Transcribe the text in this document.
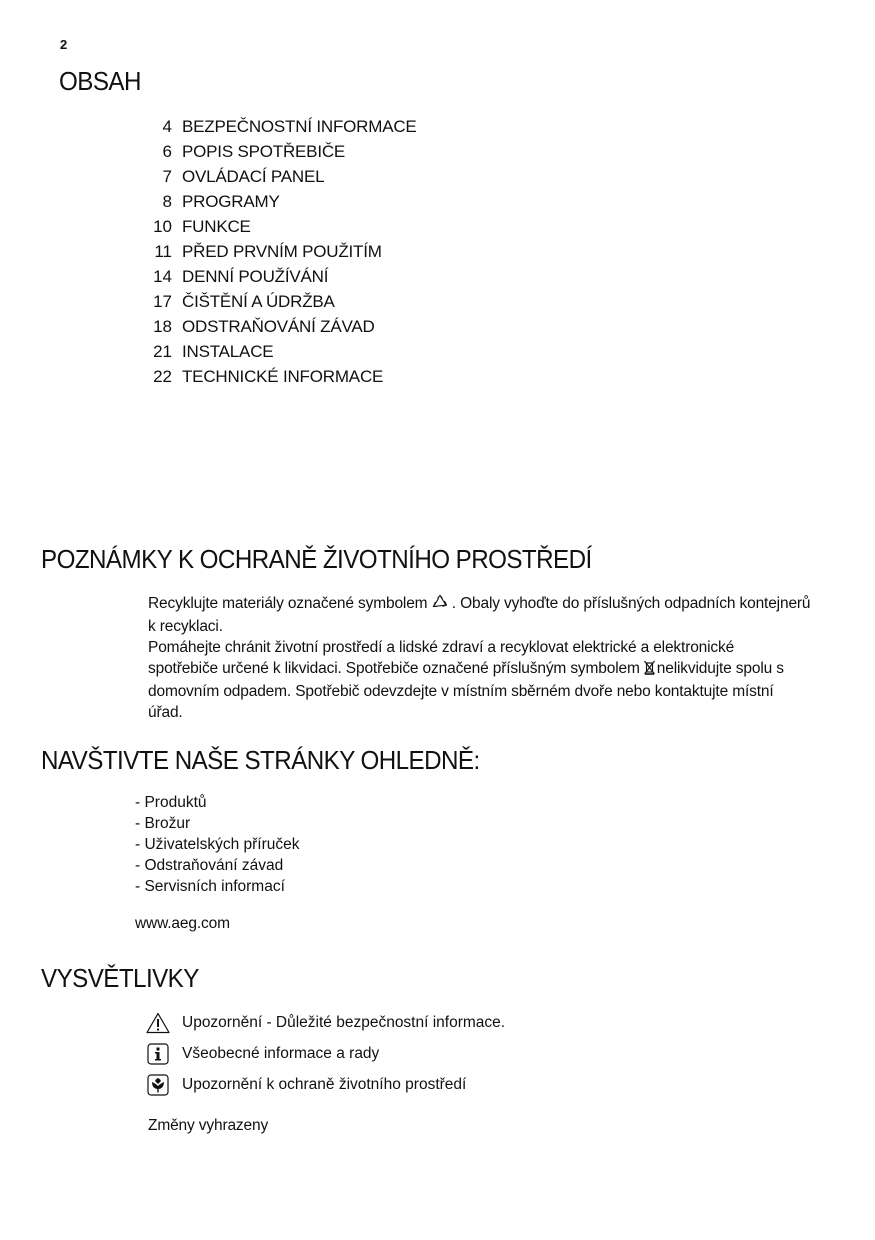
2
OBSAH
4 BEZPEČNOSTNÍ INFORMACE
6 POPIS SPOTŘEBIČE
7 OVLÁDACÍ PANEL
8 PROGRAMY
10 FUNKCE
11 PŘED PRVNÍM POUŽITÍM
14 DENNÍ POUŽÍVÁNÍ
17 ČIŠTĚNÍ A ÚDRŽBA
18 ODSTRAŇOVÁNÍ ZÁVAD
21 INSTALACE
22 TECHNICKÉ INFORMACE
POZNÁMKY K OCHRANĚ ŽIVOTNÍHO PROSTŘEDÍ
Recyklujte materiály označené symbolem . Obaly vyhoďte do příslušných odpadních kontejnerů
k recyklaci.
Pomáhejte chránit životní prostředí a lidské zdraví a recyklovat elektrické a elektronické
spotřebiče určené k likvidaci. Spotřebiče označené příslušným symbolem nelikvidujte spolu s
domovním odpadem. Spotřebič odevzdejte v místním sběrném dvoře nebo kontaktujte místní
úřad.
NAVŠTIVTE NAŠE STRÁNKY OHLEDNĚ:
- Produktů
- Brožur
- Uživatelských příruček
- Odstraňování závad
- Servisních informací
www.aeg.com
VYSVĚTLIVKY
Upozornění - Důležité bezpečnostní informace.
Všeobecné informace a rady
Upozornění k ochraně životního prostředí
Změny vyhrazeny
